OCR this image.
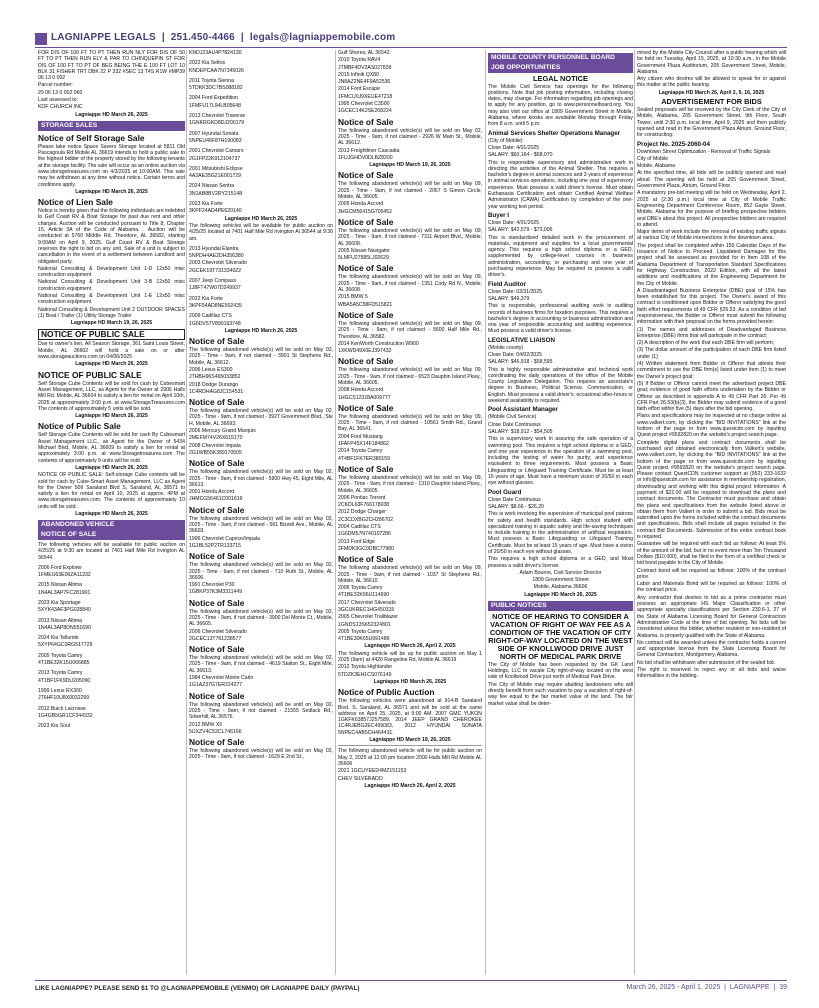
LAGNIAPPE LEGALS  |  251.450-4466  |  legals@lagniappemobile.com
FOR DIS OF 100 FT TO PT THEN RUN NLY FOR DIS OF 50 FT TO PT THEN RUN ELY & PAR TO CHINQUEPIN ST FOR DIS OF 100 FT TO PT OF BEG BEING THE E 100 FT LOT 10 BLK 31 FISHER TRT DBK 22 P 332 #SEC 13 T4S R1W #MP39 06 13 0 002
Parcel number:
29 06 13 0 002 060
Last assessed to:
KOF CHURCH INC
Lagniappe HD March 26, 2025
STORAGE SALES
Notice of Self Storage Sale
Please take notice Space Savers Storage located at 5811 Old Pascagoula Rd Mobile AL 36619 intends to hold a public sale to the highest bidder of the property stored by the following tenants at the storage facility. The sale will occur as an online auction via www.storagetreasures.com on 4/3/2025 at 10:00AM. This sale may be withdrawn at any time without notice. Certain terms and conditions apply.
Lagniappe HD March 26, 2025
Notice of Lien Sale
Notice is hereby given that the following individuals are indebted to Gulf Coast RV & Boat Storage for past due rent and other charges. Auction will be conducted pursuant to Title 8, Chapter 15, Article 3A of the Code of Alabama. . Auction will be conducted at 5760 Middle Rd. Theodore, AL 36582, starting 9:00AM on April 9, 2025. Gulf Coast RV & Boat Storage reserves the right to bid on any unit. Sale of a unit is subject to cancellation in the event of a settlement between Landlord and obligated party.
National Consulting & Development Unit 1-D 12x50 misc construction equipment
National Consulting & Development Unit 3-B 12x50 misc construction equipment
National Consulting & Development Unit 1-E 12x50 misc construction equipment
National Consulting & Development Unit 2 OUTDOOR SPACES (1) Boat / Trailer (1) Utility Storage Trailer
Lagniappe HD March 19, 26, 2025
NOTICE OF PUBLIC SALE
Due to owner's lien, All Season Storage, 361 Saint Louis Street, Mobile, AL 36602 will hold a sale on or after www.storageauctions.com on 04/06/2025
Lagniappe HD March 26, 2025
NOTICE OF PUBLIC SALE
Self Storage Cube Contents will be sold for cash by Cubesmart Asset Management, LLC, as Agent for the Owner at 2906 Halls Mill Rd, Mobile, AL 36604 to satisfy a lien for rental on April 10th, 2025 at approximately 3:00 p.m. at www.StorageTreasures.com The contents of approximately 5 units will be sold.
Lagniappe HD March 26, 2025
Notice of Public Sale
Self Storage Cube Contents will be sold for cash By Cubesmart Asset Management LLC., as Agent for the Owner of 5434 Michael Blvd, Mobile, AL 36609 to satisfy a lien for rental at approximately 3:00 p.m. at www.Storagetreasures.com The contents of approximately 9 units will be sold.
Lagniappe HD March 26, 2025
NOTICE OF PUBLIC SALE: Self-storage Cube contents will be sold for cash by Cube-Smart Asset Management, LLC as Agent for the Owner 509 Saraland Blvd S, Saraland, AL 36571 to satisfy a lien for rental on April 10, 2025 at approx. 4PM at www.storagetreasures.com. The contents of approximately 10 units will be sold.
Lagniappe HD March 26, 2025
ABANDONED VEHICLE
NOTICE OF SALE
The following vehicles will be available for public auction on 4/25/25 at 9:30 am located at 7401 Half Mile Rd Irvington AL 36544.
2006 Ford Explorer
1FMEU63E06ZA11232
2015 Nissan Altima
1N4AL3AP7FC281901
2023 Kia Sportage
5XYK43AF3PG028840
2013 Nissan Altima
1N4AL3AP8DN551690
2024 Kia Telluride
5XYP64GC0RG517729
2005 Toyota Camry
4T1BE32K15U066885
2013 Toyota Camry
4T1BF1FK9DU205090
1999 Lexus RX300
JT6HF10U8X0032299
2012 Buick Lacrosse
1G4GB5GR1CF344332
2023 Kia Soul
KNDJ23AU4P7824130
2022 Kia Seltos
KNDEPCAA7N7345026
2011 Toyota Sienna
5TDKK3DC7BS088182
2004 Ford Expedition
1FMFU17L94LB05648
2013 Chevrolet Traverse
1GNKRGKD8DJ200179
2007 Hyundai Sonata
5NPEU46F87H190083
2001 Chevrolet Camaro
2G1FP22K912104737
2001 Mitsubishi Eclipse
4A3AE35G21E001729
2024 Nissan Sentra
3N1AB8BV2RY215148
2023 Kia Forte
3KPF24AD4PE620140
Lagniappe HD March 26, 2025
The following vehicles will be available for public auction on 4/25/25 located at 7401 Half Mile Rd Irvington Al 36544 at 9:30 am.
2013 Hyundai Elantra
5NPDH4AE2DH356380
2003 Chevrolet Silverado
2GCEK19T731334022
2007 Jeep Compass
1J8FT47W07D249937
2022 Kia Forte
3KPF54AD8NE502435
2009 Cadillac CTS
1G6DV57V890163748
Lagniappe HD March 26, 2025
Notice of Sale
The following abandoned vehicle(s) will be sold on May 02, 2025 - Time - 9am, if not claimed - 3901 St Stephens Rd., Mobile, AL 36612.
2006 Lexus ES300
JTHBH96S465033852
2018 Dodge Durango
1C4RDHAG8JC154531
Notice of Sale
The following abandoned vehicle(s) will be sold on May 02, 2025 - Time - 9am, if not claimed - 3927 Government Blvd., Ste H, Mobile, AL 36693.
2006 Mercury Grand Marquis
2MEFM74V26X615170
2008 Chevrolet Impala
2G1WB55K389170505
Notice of Sale
The following abandoned vehicle(s) will be sold on May 02, 2025 - Time - 9am, if not claimed - 5900 Hwy 45, Eight Mile, AL 36613.
2001 Honda Accord
JHMCG56461C001619
Notice of Sale
The following abandoned vehicle(s) will be sold on May 02, 2025 - Time - 9am, if not claimed - 561 Bizzell Ave., Mobile, AL 36603.
1996 Chevrolet Caprice/Impala
1G1BL52P2TR133715
Notice of Sale
The following abandoned vehicle(s) will be sold on May 02, 2025 - Time - 9am, if not claimed - 710 Ruth St., Mobile, AL 36606.
1991 Chevrolet P30
1GBKP37K3M3311449
Notice of Sale
The following abandoned vehicle(s) will be sold on May 02, 2025 - Time - 9am, if not claimed - 3900 Del Monte Ct., Mobile, AL 36605.
2006 Chevrolet Silverado
2GCEC13T761238577
Notice of Sale
The following abandoned vehicle(s) will be sold on May 02, 2025 - Time - 9am, if not claimed - 4619 Station St., Eight Mile, AL 36613.
1984 Chevrolet Monte Carlo
1G1AZ37G7ER224277
Notice of Sale
The following abandoned vehicle(s) will be sold on May 02, 2025 - Time - 9am, if not claimed - 21555 Sedlack Rd., Silverhill, AL 36576.
2012 BMW X5
5UXZV4C52CL746166
Notice of Sale
The following abandoned vehicle(s) will be sold on May 02, 2025 - Time - 9am, if not claimed - 1629 E 2nd St.,
Gulf Shores, AL 36542.
2010 Toyota RAV4
JTMBF4DV2AS027839
2015 Infiniti QX80
JN8AZ2NE4F9A52536
2014 Ford Escape
1FMCU0J9XEUE47218
1995 Chevrolet C3500
1GCEC14K2SE208224
Notice of Sale
The following abandoned vehicle(s) will be sold on May 02, 2025 - Time - 9am, if not claimed - 2926 W Main St., Mobile, AL 36612.
2013 Freightliner Cascadia
1FUJGHDV0DLBZ8200
Lagniappe HD March 19, 26, 2025
Notice of Sale
The following abandoned vehicle(s) will be sold on May 09, 2025 - Time - 9am, if not claimed - 2067 S Gimon Circle, Mobile, AL 36605.
2005 Honda Accord
3HGCM56415G705452
Notice of Sale
The following abandoned vehicle(s) will be sold on May 09, 2025 - Time - 9am, if not claimed - 7311 Airport Blvd., Mobile, AL 36608.
2005 Nissan Navigator
5LMFU27585LJ02629
Notice of Sale
The following abandoned vehicle(s) will be sold on May 09, 2025 - Time - 9am, if not claimed - 1351 Cody Rd N., Mobile, AL 36608.
2015 BMW 5
WBA5A5C58FD515821
Notice of Sale
The following abandoned vehicle(s) will be sold on May 09, 2025 - Time - 9am, if not claimed - 5600 Half Mile Rd., Theodore, AL 36582.
2014 KenWorth Construction W900
1XKWD49X0EJ397432
Notice of Sale
The following abandoned vehicle(s) will be sold on May 09, 2025 - Time - 9am, if not claimed - 6523 Dauphin Island Pkwy., Mobile, AL 36605.
2008 Honda Accord
1HGCS12328A009777
Notice of Sale
The following abandoned vehicle(s) will be sold on May 09, 2025 - Time - 9am, if not claimed - 10561 Smith Rd., Grand Bay, AL 36541.
2004 Ford Mustang
1FAFP45X14F184862
2014 Toyota Camry
4T4BF1FK7ER380159
Notice of Sale
The following abandoned vehicle(s) will be sold on May 09, 2025 - Time - 9am, if not claimed - 1310 Dauphin Island Pkwy., Mobile, AL 36605.
2006 Pontiac Torrent
2CKDL63F766178038
2012 Dodge Charger
2C3CDXBG2CH286702
2004 Cadillac CTS
1G6DM57N740107286
2013 Ford Edge
2FMDK3GC0DBC77980
Notice of Sale
The following abandoned vehicle(s) will be sold on May 09, 2025 - Time - 9am, if not claimed - 1037 St Stephens Rd., Mobile, AL 36610.
2006 Toyota Camry
4T1BE32K66U114690
2017 Chevrolet Silverado
3GCUKREC1HG450315
2005 Chevrolet Trailblazer
1GNDS13S652324801
2005 Toyota Camry
4T1BE30K65U991486
Lagniappe HD March 26, April 2, 2025
The following vehicle will be up for public auction on May 1 2025 (9am) at 4420 Rangeline Rd, Mobile AL 36619
2012 Toyota Highlander
5TDZK3EH1CS076149
Lagniappe HD March 26, 2025
Notice of Public Auction
The following vehicles were abandoned at 914-B Saraland Blvd. S, Saraland, AL 36571 and will be sold at the same address on April 25, 2025, at 9:00 AM. 2007 GMC YUKON 1GKFK63857J257589, 2014 JEEP GRAND CHEROKEE 1C4RJEBG2EC499083, 2012 HYUNDAI SONATA 5NPEC4AB5CH464431.
Lagniappe HD March 19, 26, 2025
The following abandoned vehicle will be for public auction on May 2, 2025 at 12:00 pm location 2000 Halls Mill Rd Mobile AL 36606
2021 1GCUYEED4MZ151153
CHEV SILVERADO
Lagniappe HD March 26, April 2, 2025
MOBILE COUNTY PERSONNEL BOARD
JOB OPPORTUNITIES
LEGAL NOTICE
The Mobile Civil Service has openings for the following positions. Note that job posting information, including closing dates, may change. For information regarding job openings and to apply for any position, go to www.personnelboard.org. You may also visit our office at 1809 Government Street in Mobile, Alabama, where kiosks are available Monday through Friday from 8 a.m. until 5 p.m.
Animal Services Shelter Operations Manager
(City of Mobile)
Close Date: 4/01/2025
SALARY: $60,164 - $68,070
This is responsible supervisory and administrative work in directing the activities of the Animal Shelter. This requires a bachelor's degree in animal sciences and 3 years of experience in animal services operations, including one year of supervisory experience. Must possess a valid driver's license. Must obtain Euthanasia Certification and obtain Certified Animal Welfare Administrator (CAWA) Certification by completion of the one-year working test period.
Buyer I
Close Date: 4/01/2025
SALARY: $42,579 - $73,006
This is standardized detailed work in the procurement of materials, equipment and supplies for a local governmental agency. This requires a high school diploma or a GED, supplemented by college-level courses in business administration, accounting, or purchasing and one year of purchasing experience. May be required to possess a valid driver's.
Field Auditor
Close Date: 03/31/2025
SALARY: $49,379
This is responsible, professional auditing work in auditing records of business firms for taxation purposes. This requires a bachelor's degree in accounting or business administration and one year of responsible accounting and auditing experience. Must possess a valid driver's license.
LEGISLATIVE LIAISON
(Mobile county)
Close Date: 04/02/2025
SALARY: $46,918 - $58,595
This is highly responsible administrative and technical work coordinating the daily operations of the office of the Mobile County Legislative Delegation. This requires an associate's degree in Business, Political Science, Communication, or English. Must possess a valid driver's; occasional after-hours or weekend availability is required.
Pool Assistant Manager
(Mobile Civil Service)
Close Date Continuous
SALARY: $18,912 - $54,505
This is supervisory work in assuring the safe operation of a swimming pool. This requires a high school diploma or a GED, and one year experience in the operation of a swimming pool, including the testing of water for purity; and experience equivalent to three requirements. Must possess a Basic Lifeguarding or Lifeguard Training Certificate. Must be at least 16 years of age. Must have a minimum vision of 20/50 in each eye without glasses.
Pool Guard
Close Date Continuous
SALARY: $8.66 - $26.20
This is work involving the supervision of municipal pool patrons for safety and health standards. High school student with specialized training in aquatic safety and life-saving techniques to include training in the administration of artificial respiration. Must possess a Basic Lifeguarding or Lifeguard Training Certificate. Must be at least 15 years of age. Must have a vision of 20/50 in each eye without glasses.
This requires a high school diploma or a GED, and Must possess a valid driver's license.
Adam Bourne, Civil Service Director
1809 Government Street
Mobile, Alabama 36606
Lagniappe HD March 26, 2025
PUBLIC NOTICES
NOTICE OF HEARING TO CONSIDER A VACATION OF RIGHT OF WAY FEE AS A CONDITION OF THE VACATION OF CITY RIGHT-OF-WAY LOCATED ON THE WEST SIDE OF KNOLLWOOD DRIVE JUST NORTH OF MEDICAL PARK DRIVE
The City of Mobile has been requested by the GK Land Holdings, LLC to vacate City right-of-way located on the west side of Knollwood Drive just north of Medical Park Drive.
The City of Mobile may require abutting landowners who will directly benefit from such vacation to pay a vacation of right-of-way fee equal to the fair market value of the land. The fair market value shall be deter-
mined by the Mobile City Council after a public hearing which will be held on Tuesday, April 15, 2025, at 10:30 a.m., in the Mobile Government Plaza Auditorium, 205 Government Street, Mobile, Alabama.
Any citizen who desires will be allowed to speak for or against this matter at the public hearing.
Lagniappe HD March 26, April 2, 9, 16, 2025
ADVERTISEMENT FOR BIDS
Sealed proposals will be received by the City Clerk of the City of Mobile, Alabama, 205 Government Street, 9th Floor, South Tower, until 2:30 p.m. local time, April 9, 2025 and then publicly opened and read in the Government Plaza Atrium, Ground Floor, for constructing:
Project No. 2025-2060-04
Downtown Street Optimization - Removal of Traffic Signals
City of Mobile
Mobile, Alabama
At the specified time, all bids will be publicly opened and read aloud. The opening will be held at 205 Government Street, Government Plaza, Atrium, Ground Floor.
A mandatory pre-bid meeting will be held on Wednesday, April 2, 2025 at (2:30 p.m.) local time at City of Mobile Traffic Engineering Department Conference Room, 852 Gayle Street, Mobile, Alabama for the purpose of briefing prospective bidders and DBE's about this project. All prospective bidders are required to attend.
Major items of work include the removal of existing traffic signals at various City of Mobile intersections in the downtown area.
The project shall be completed within 150 Calendar Days of the Issuance of Notice to Proceed. Liquidated Damages for this project shall be assessed as provided for in Item 108 of the Alabama Department of Transportation Standard Specifications for Highway Construction, 2022 Edition, with all the latest additions and modifications of the Engineering Department for the City of Mobile.
A Disadvantaged Business Enterprise (DBE) goal of 15% has been established for this project. The Owner's award of this contract is conditioned upon Bidder or Offeror satisfying the good faith effort requirements of 49 CFR §26.53. As a condition of bid responsiveness, the Bidder or Offeror must submit the following information with their proposal on the forms provided herein:
(1) The names and addresses of Disadvantaged Business Enterprise (DBE) firms that will participate in the contract;
(2) A description of the work that each DBE firm will perform;
(3) The dollar amount of the participation of each DBE firm listed under (1)
(4) Written statement from Bidder or Offeror that attests their commitment to use the DBE firm(s) listed under item (1) to meet the Owner's project goal;
(5) If Bidder or Offeror cannot meet the advertised project DBE goal; evidence of good faith efforts undertaken by the Bidder or Offeror as described in appendix A to 49 CFR Part 26. Per 49 CFR Part 26.53(b)(3), the Bidder may submit evidence of a good faith effort within five (5) days after the bid opening.
Plans and specifications may be inspected at no charge online at www.valkert.com, by clicking the "BID INVITATIONS" link at the bottom of the page or from www.questcdn.com by inputting Quest project #9592820 on the website's project search page.
Complete digital plans and contract documents shall be purchased and obtained electronically from Valkert's website, www.valkert.com, by clicking the "BID INVITATIONS" link at the bottom of the page or from www.questcdn.com by inputting Quest project #9592820 on the website's project search page. Please contact QuestCDN customer support at (952) 233-1632 or info@questcdn.com for assistance in membership registration, downloading and working with this digital project information. A payment of $22.00 will be required to download the plans and contract documents. The Contractor must purchase and obtain the plans and specifications from the website listed above or obtain them from Valkert in order to submit a bid. Bids must be submitted upon the forms included within the contract documents and specifications. Bids shall include all pages included in the contract Bid Documents. Submission of the entire contract book is required.
Guarantee will be required with each bid as follows: At least 5% of the amount of the bid, but in no event more than Ten Thousand Dollars ($10,000), shall be filed in the form of a certified check or bid bond payable to the City of Mobile.
Contract bond will be required as follows: 100% of the contract price.
Labor and Materials Bond will be required as follows: 100% of the contract price.
Any contractor that desires to bid as a prime contractor must possess an appropriate HS Major Classification or other appropriate specialty classifications per Section 230.6-1, 27 of the State of Alabama Licensing Board for General Contractors Administrative Code at the time of bid opening. No bids will be considered unless the bidder, whether resident or non-resident of Alabama, is properly qualified with the State of Alabama.
No contract will be awarded unless the contractor holds a current and appropriate license from the State Licensing Board for General Contractors, Montgomery, Alabama.
No bid shall be withdrawn after submission of the sealed bid.
The right is reserved to reject any or all bids and waive informalities in the bidding.
LIKE LAGNIAPPE? PLEASE SEND $1 TO @LAGNIAPPEMOBILE (VENMO) OR LAGNIAPPE DAILY (PAYPAL)	March 26, 2025 - April 1, 2025  |  LAGNIAPPE  |  39
